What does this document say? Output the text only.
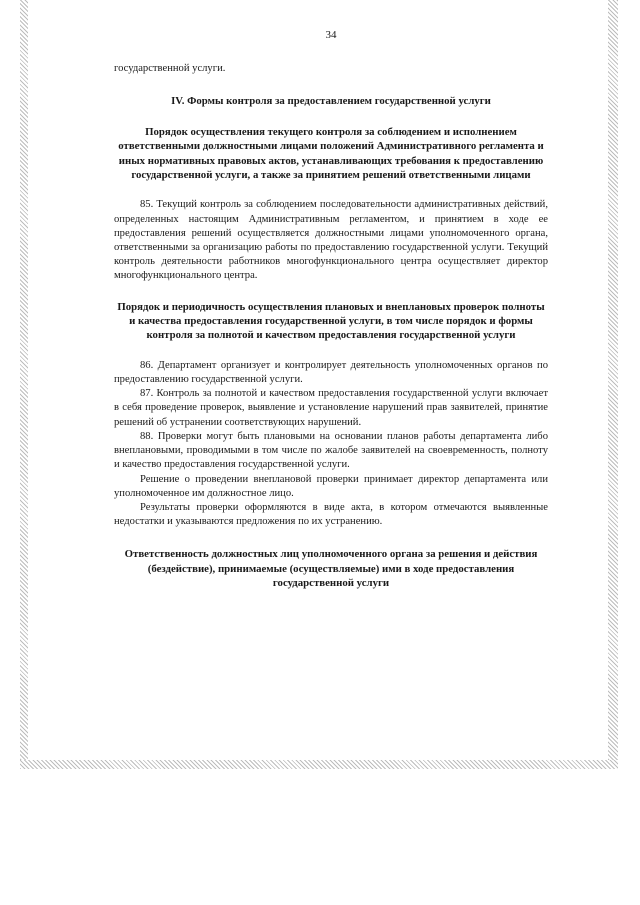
34

государственной услуги.

IV. Формы контроля за предоставлением государственной услуги

Порядок осуществления текущего контроля за соблюдением и исполнением ответственными должностными лицами положений Административного регламента и иных нормативных правовых актов, устанавливающих требования к предоставлению государственной услуги, а также за принятием решений ответственными лицами

85. Текущий контроль за соблюдением последовательности административных действий, определенных настоящим Административным регламентом, и принятием в ходе ее предоставления решений осуществляется должностными лицами уполномоченного органа, ответственными за организацию работы по предоставлению государственной услуги. Текущий контроль деятельности работников многофункционального центра осуществляет директор многофункционального центра.

Порядок и периодичность осуществления плановых и внеплановых проверок полноты и качества предоставления государственной услуги, в том числе порядок и формы контроля за полнотой и качеством предоставления государственной услуги

86. Департамент организует и контролирует деятельность уполномоченных органов по предоставлению государственной услуги.

87. Контроль за полнотой и качеством предоставления государственной услуги включает в себя проведение проверок, выявление и установление нарушений прав заявителей, принятие решений об устранении соответствующих нарушений.

88. Проверки могут быть плановыми на основании планов работы департамента либо внеплановыми, проводимыми в том числе по жалобе заявителей на своевременность, полноту и качество предоставления государственной услуги.

Решение о проведении внеплановой проверки принимает директор департамента или уполномоченное им должностное лицо.

Результаты проверки оформляются в виде акта, в котором отмечаются выявленные недостатки и указываются предложения по их устранению.

Ответственность должностных лиц уполномоченного органа за решения и действия (бездействие), принимаемые (осуществляемые) ими в ходе предоставления государственной услуги
